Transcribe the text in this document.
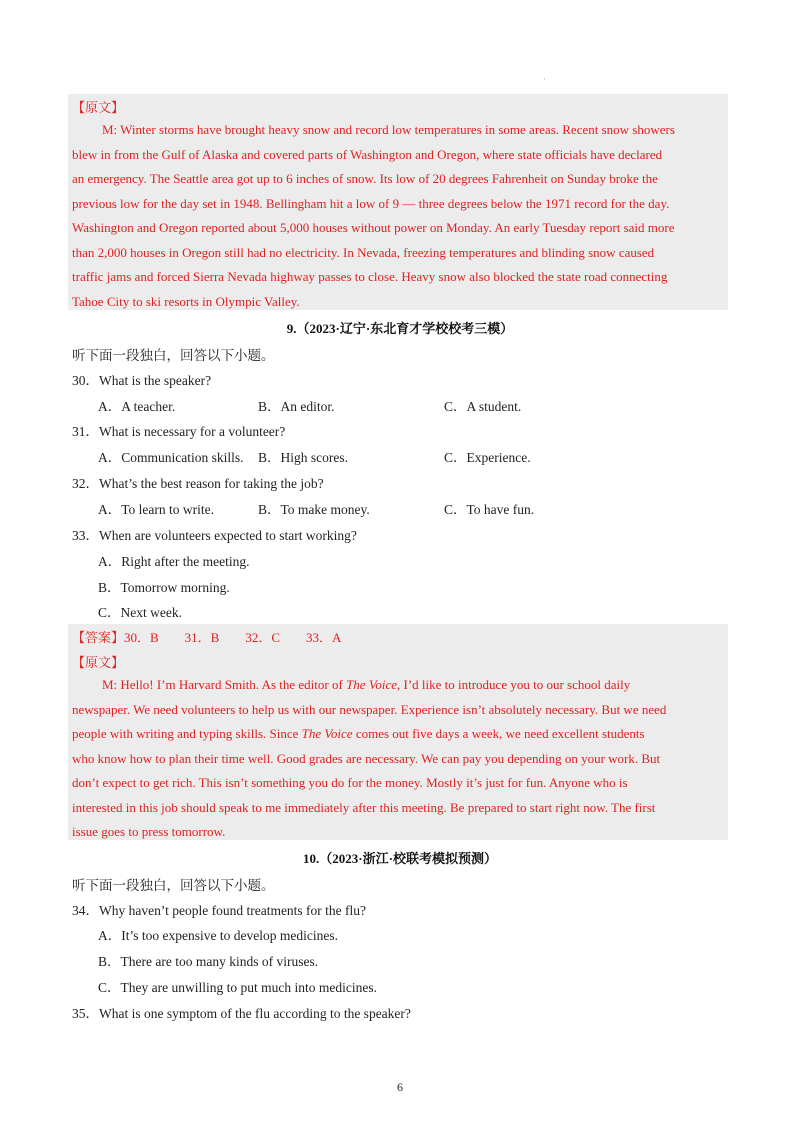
·

【原文】
M: Winter storms have brought heavy snow and record low temperatures in some areas. Recent snow showers
blew in from the Gulf of Alaska and covered parts of Washington and Oregon, where state officials have declared
an emergency. The Seattle area got up to 6 inches of snow. Its low of 20 degrees Fahrenheit on Sunday broke the
previous low for the day set in 1948. Bellingham hit a low of 9 — three degrees below the 1971 record for the day.
Washington and Oregon reported about 5,000 houses without power on Monday. An early Tuesday report said more
than 2,000 houses in Oregon still had no electricity. In Nevada, freezing temperatures and blinding snow caused
traffic jams and forced Sierra Nevada highway passes to close. Heavy snow also blocked the state road connecting
Tahoe City to ski resorts in Olympic Valley.
9.（2023·辽宁·东北育才学校校考三模）
听下面一段独白，回答以下小题。
30．What is the speaker?
A．A teacher.	B．An editor.	C．A student.
31．What is necessary for a volunteer?
A．Communication skills. B．High scores.	C．Experience.
32．What’s the best reason for taking the job?
A．To learn to write.	B．To make money.	C．To have fun.
33．When are volunteers expected to start working?
A．Right after the meeting.
B．Tomorrow morning.
C．Next week.
【答案】30．B　　31．B　　32．C　　33．A
【原文】
M: Hello! I’m Harvard Smith. As the editor of The Voice, I’d like to introduce you to our school daily
newspaper. We need volunteers to help us with our newspaper. Experience isn’t absolutely necessary. But we need
people with writing and typing skills. Since The Voice comes out five days a week, we need excellent students
who know how to plan their time well. Good grades are necessary. We can pay you depending on your work. But
don’t expect to get rich. This isn’t something you do for the money. Mostly it’s just for fun. Anyone who is
interested in this job should speak to me immediately after this meeting. Be prepared to start right now. The first
issue goes to press tomorrow.
10.（2023·浙江·校联考模拟预测）
听下面一段独白，回答以下小题。
34．Why haven’t people found treatments for the flu?
A．It’s too expensive to develop medicines.
B．There are too many kinds of viruses.
C．They are unwilling to put much into medicines.
35．What is one symptom of the flu according to the speaker?
6
